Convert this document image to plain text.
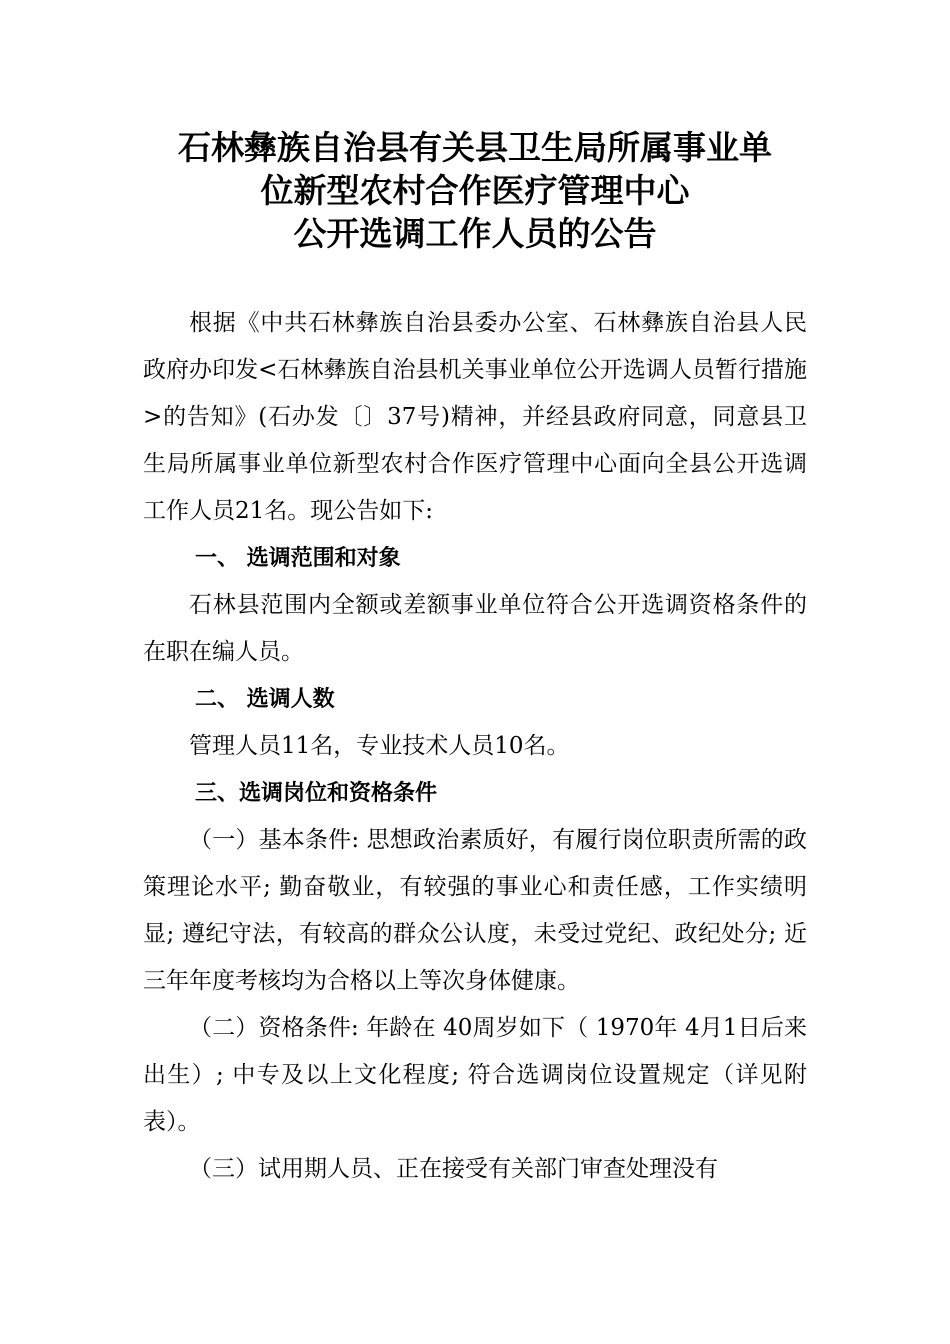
石林彝族自治县有关县卫生局所属事业单
位新型农村合作医疗管理中心
公开选调工作人员的公告

根据《中共石林彝族自治县委办公室、石林彝族自治县人民政府办印发<石林彝族自治县机关事业单位公开选调人员暂行措施>的告知》(石办发〔〕37号)精神，并经县政府同意，同意县卫生局所属事业单位新型农村合作医疗管理中心面向全县公开选调工作人员21名。现公告如下:

一、 选调范围和对象

石林县范围内全额或差额事业单位符合公开选调资格条件的在职在编人员。

二、 选调人数

管理人员11名，专业技术人员10名。

三、选调岗位和资格条件

（一）基本条件: 思想政治素质好，有履行岗位职责所需的政策理论水平; 勤奋敬业，有较强的事业心和责任感，工作实绩明显; 遵纪守法，有较高的群众公认度，未受过党纪、政纪处分; 近三年年度考核均为合格以上等次身体健康。

（二）资格条件: 年龄在 40周岁如下（ 1970年 4月1日后来出生）; 中专及以上文化程度; 符合选调岗位设置规定（详见附表）。

（三）试用期人员、正在接受有关部门审查处理没有
